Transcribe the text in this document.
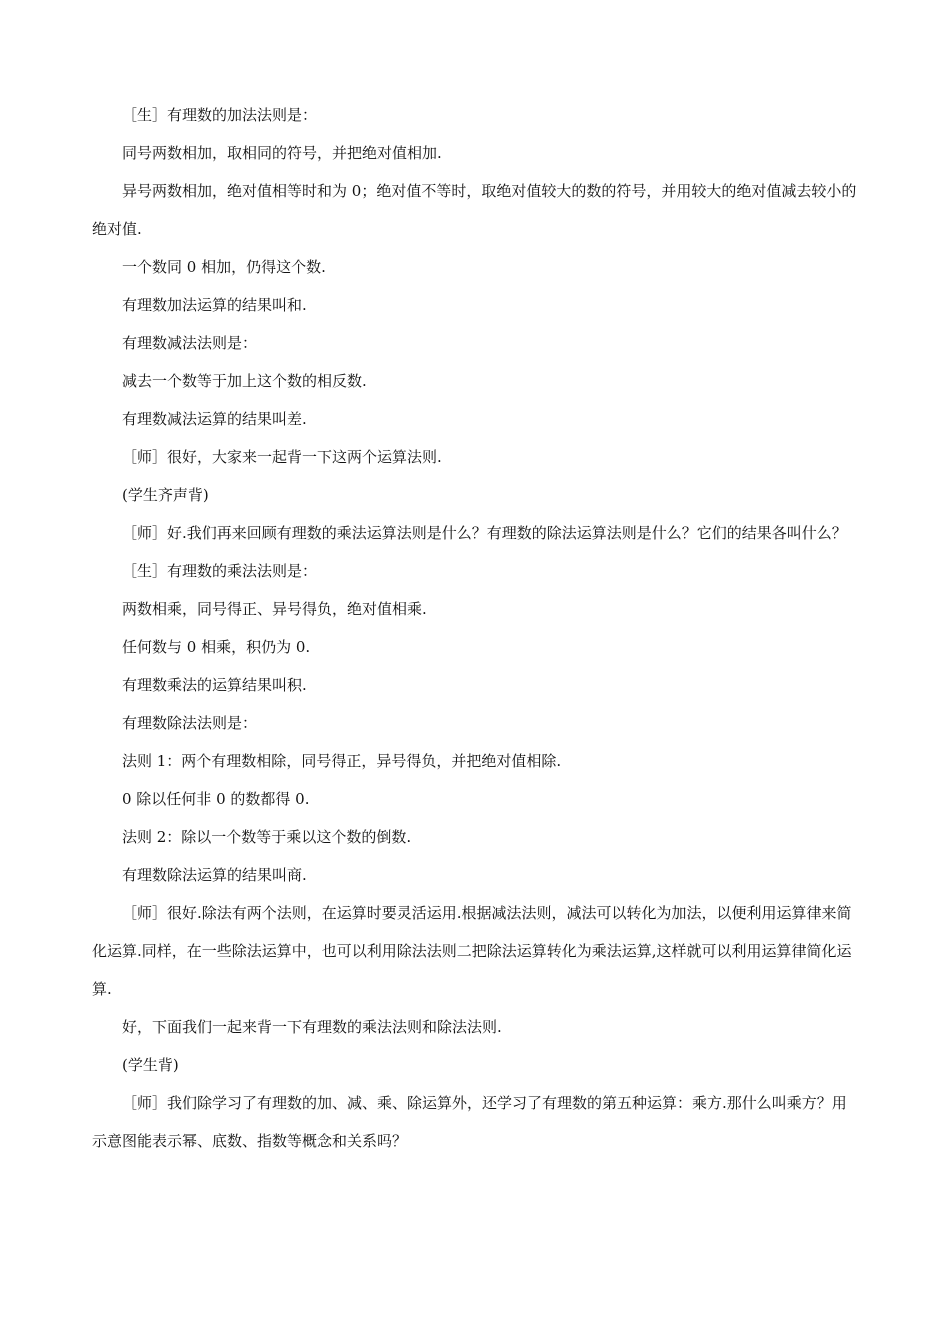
［生］有理数的加法法则是：

同号两数相加，取相同的符号，并把绝对值相加.

异号两数相加，绝对值相等时和为 0；绝对值不等时，取绝对值较大的数的符号，并用较大的绝对值减去较小的绝对值.

一个数同 0 相加，仍得这个数.

有理数加法运算的结果叫和.

有理数减法法则是：

减去一个数等于加上这个数的相反数.

有理数减法运算的结果叫差.

［师］很好，大家来一起背一下这两个运算法则.

(学生齐声背)

［师］好.我们再来回顾有理数的乘法运算法则是什么？有理数的除法运算法则是什么？它们的结果各叫什么？

［生］有理数的乘法法则是：

两数相乘，同号得正、异号得负，绝对值相乘.

任何数与 0 相乘，积仍为 0.

有理数乘法的运算结果叫积.

有理数除法法则是：

法则 1：两个有理数相除，同号得正，异号得负，并把绝对值相除.

0 除以任何非 0 的数都得 0.

法则 2：除以一个数等于乘以这个数的倒数.

有理数除法运算的结果叫商.

［师］很好.除法有两个法则，在运算时要灵活运用.根据减法法则，减法可以转化为加法，以便利用运算律来简化运算.同样，在一些除法运算中，也可以利用除法法则二把除法运算转化为乘法运算,这样就可以利用运算律简化运算.

好，下面我们一起来背一下有理数的乘法法则和除法法则.

(学生背)

［师］我们除学习了有理数的加、减、乘、除运算外，还学习了有理数的第五种运算：乘方.那什么叫乘方？用示意图能表示幂、底数、指数等概念和关系吗？
